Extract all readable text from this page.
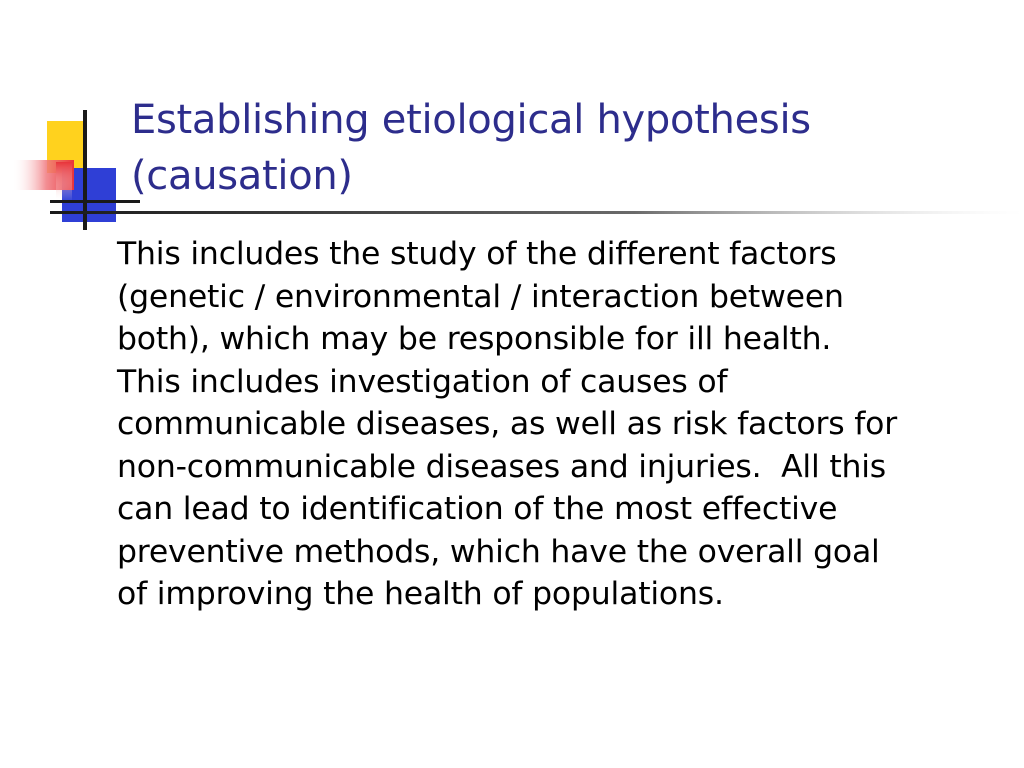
Establishing etiological hypothesis
(causation)

This includes the study of the different factors
(genetic / environmental / interaction between
both), which may be responsible for ill health.
This includes investigation of causes of
communicable diseases, as well as risk factors for
non-communicable diseases and injuries.  All this
can lead to identification of the most effective
preventive methods, which have the overall goal
of improving the health of populations.
